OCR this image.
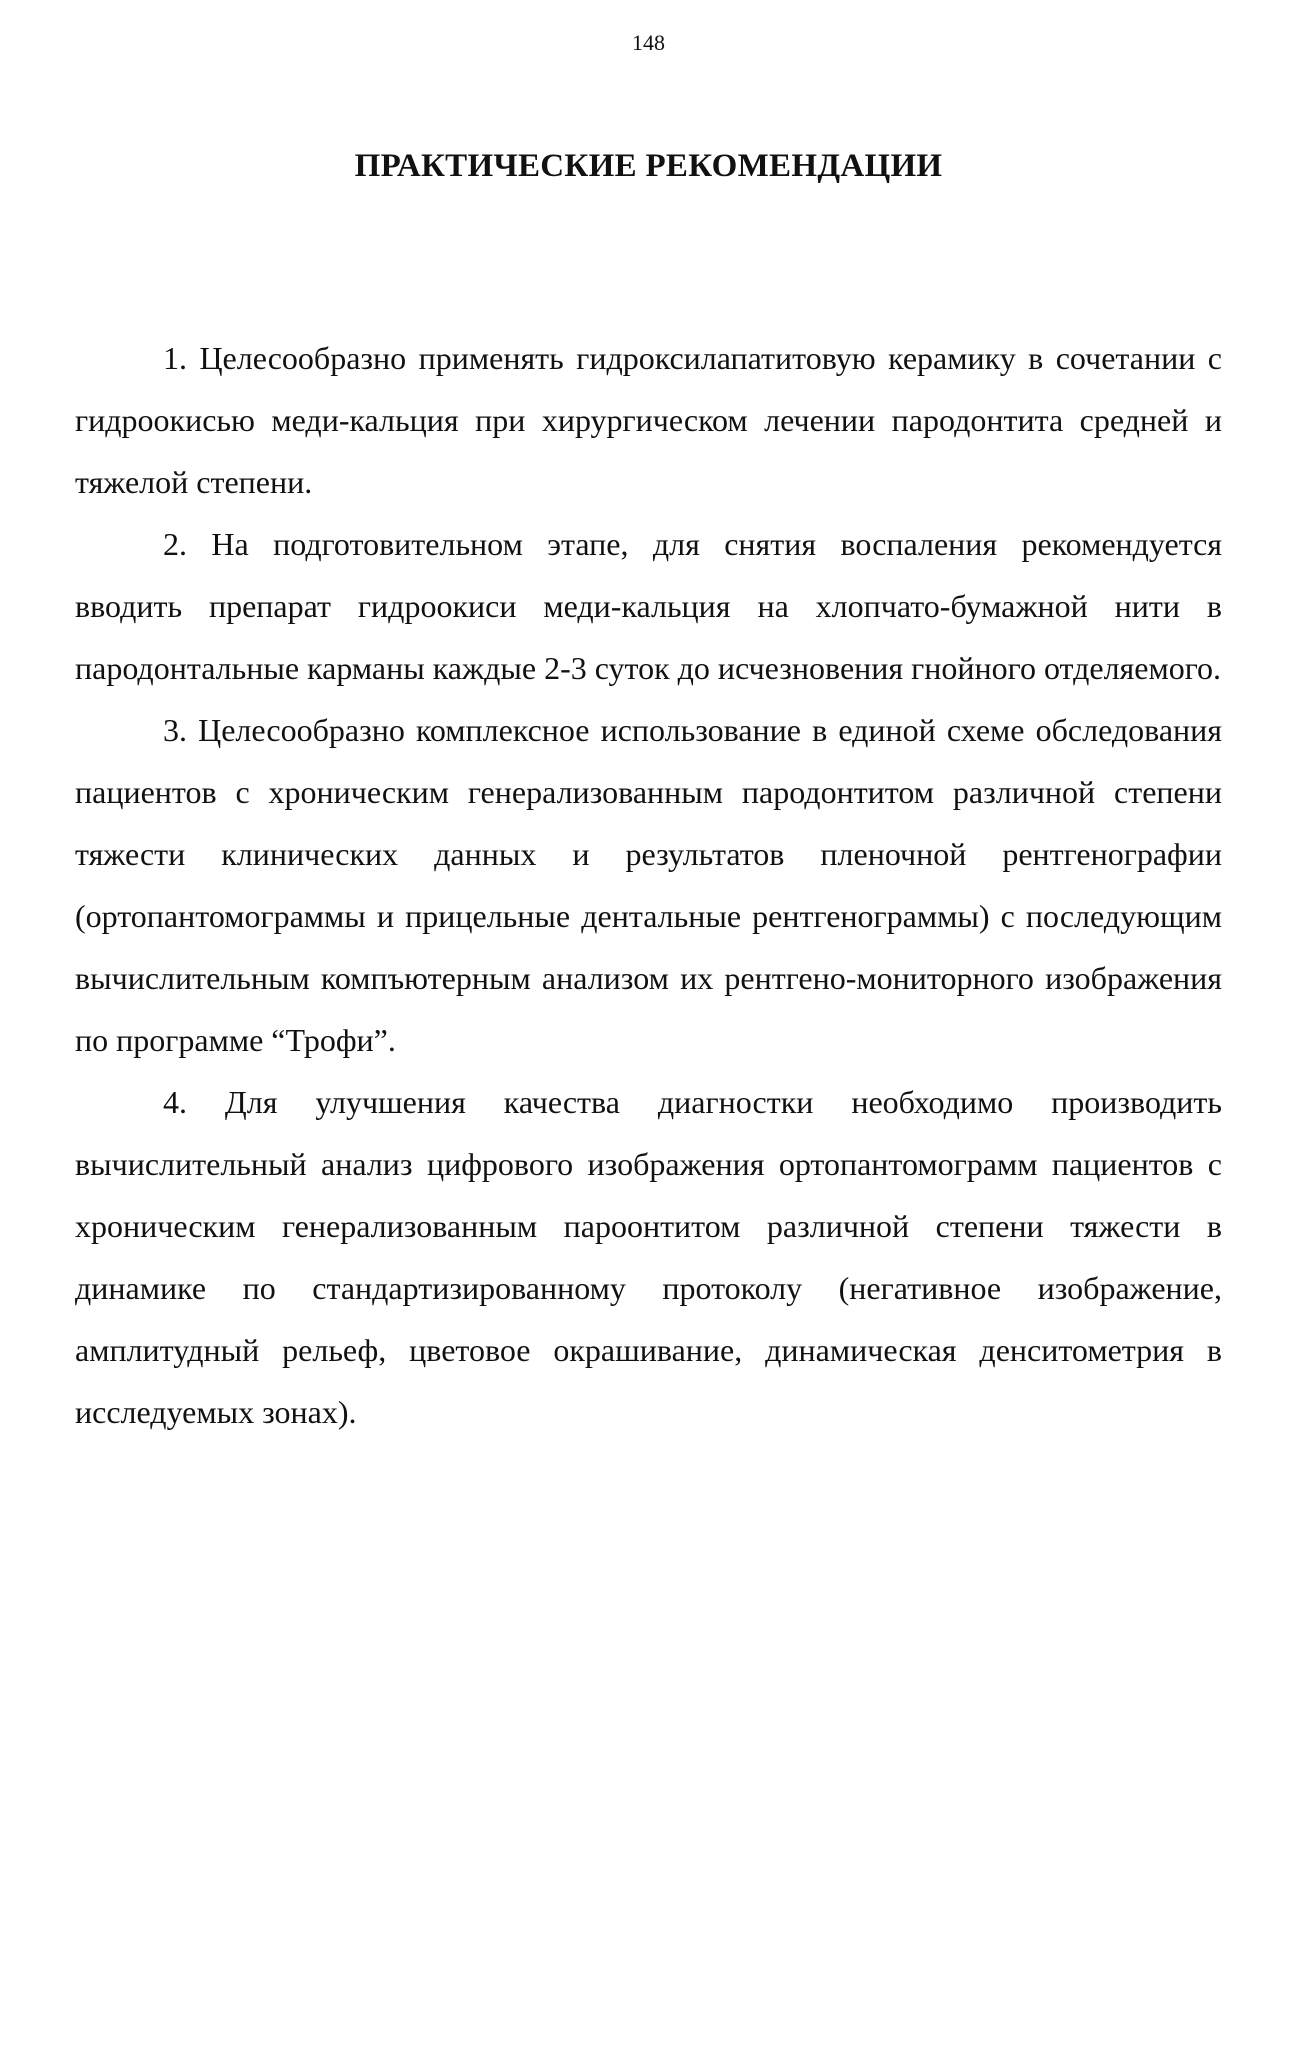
148
ПРАКТИЧЕСКИЕ РЕКОМЕНДАЦИИ

1. Целесообразно применять гидроксилапатитовую керамику в сочетании с гидроокисью меди-кальция при хирургическом лечении пародонтита средней и тяжелой степени.

2. На подготовительном этапе, для снятия воспаления рекомендуется вводить препарат гидроокиси меди-кальция на хлопчато-бумажной нити в пародонтальные карманы каждые 2-3 суток до исчезновения гнойного отделяемого.

3. Целесообразно комплексное использование в единой схеме обследования пациентов с хроническим генерализованным пародонтитом различной степени тяжести клинических данных и результатов пленочной рентгенографии (ортопантомограммы и прицельные дентальные рентгенограммы) с последующим вычислительным компъютерным анализом их рентгено-мониторного изображения по программе “Трофи”.

4. Для улучшения качества диагностки необходимо производить вычислительный анализ цифрового изображения ортопантомограмм пациентов с хроническим генерализованным пароонтитом различной степени тяжести в динамике по стандартизированному протоколу (негативное изображение, амплитудный рельеф, цветовое окрашивание, динамическая денситометрия в исследуемых зонах).
